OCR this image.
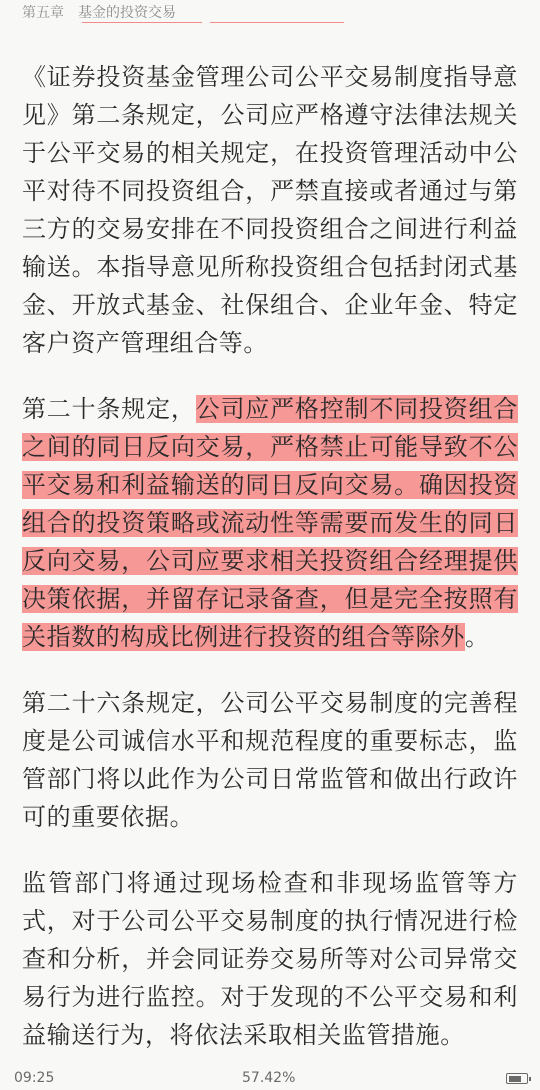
第五章　基金的投资交易

《证券投资基金管理公司公平交易制度指导意见》第二条规定，公司应严格遵守法律法规关于公平交易的相关规定，在投资管理活动中公平对待不同投资组合，严禁直接或者通过与第三方的交易安排在不同投资组合之间进行利益输送。本指导意见所称投资组合包括封闭式基金、开放式基金、社保组合、企业年金、特定客户资产管理组合等。

第二十条规定，公司应严格控制不同投资组合之间的同日反向交易，严格禁止可能导致不公平交易和利益输送的同日反向交易。确因投资组合的投资策略或流动性等需要而发生的同日反向交易，公司应要求相关投资组合经理提供决策依据，并留存记录备查，但是完全按照有关指数的构成比例进行投资的组合等除外。

第二十六条规定，公司公平交易制度的完善程度是公司诚信水平和规范程度的重要标志，监管部门将以此作为公司日常监管和做出行政许可的重要依据。

监管部门将通过现场检查和非现场监管等方式，对于公司公平交易制度的执行情况进行检查和分析，并会同证券交易所等对公司异常交易行为进行监控。对于发现的不公平交易和利益输送行为，将依法采取相关监管措施。

09:25	57.42%
